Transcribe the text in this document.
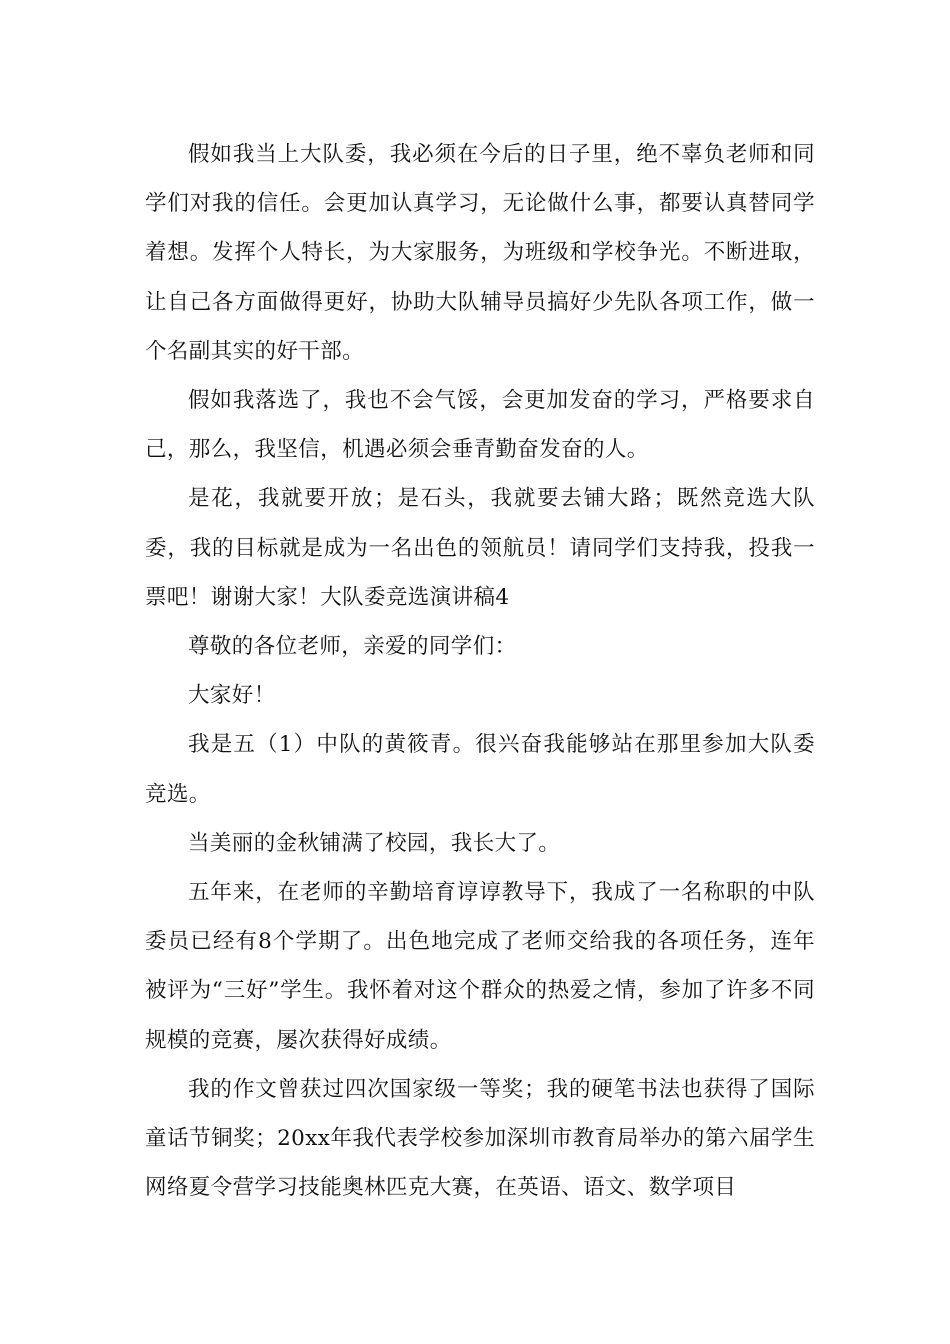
假如我当上大队委，我必须在今后的日子里，绝不辜负老师和同学们对我的信任。会更加认真学习，无论做什么事，都要认真替同学着想。发挥个人特长，为大家服务，为班级和学校争光。不断进取，让自己各方面做得更好，协助大队辅导员搞好少先队各项工作，做一个名副其实的好干部。

假如我落选了，我也不会气馁，会更加发奋的学习，严格要求自己，那么，我坚信，机遇必须会垂青勤奋发奋的人。

是花，我就要开放；是石头，我就要去铺大路；既然竞选大队委，我的目标就是成为一名出色的领航员！请同学们支持我，投我一票吧！谢谢大家！大队委竞选演讲稿4

尊敬的各位老师，亲爱的同学们：

大家好！

我是五（1）中队的黄筱青。很兴奋我能够站在那里参加大队委竞选。

当美丽的金秋铺满了校园，我长大了。

五年来，在老师的辛勤培育谆谆教导下，我成了一名称职的中队委员已经有8个学期了。出色地完成了老师交给我的各项任务，连年被评为“三好”学生。我怀着对这个群众的热爱之情，参加了许多不同规模的竞赛，屡次获得好成绩。

我的作文曾获过四次国家级一等奖；我的硬笔书法也获得了国际童话节铜奖；20xx年我代表学校参加深圳市教育局举办的第六届学生网络夏令营学习技能奥林匹克大赛，在英语、语文、数学项目
